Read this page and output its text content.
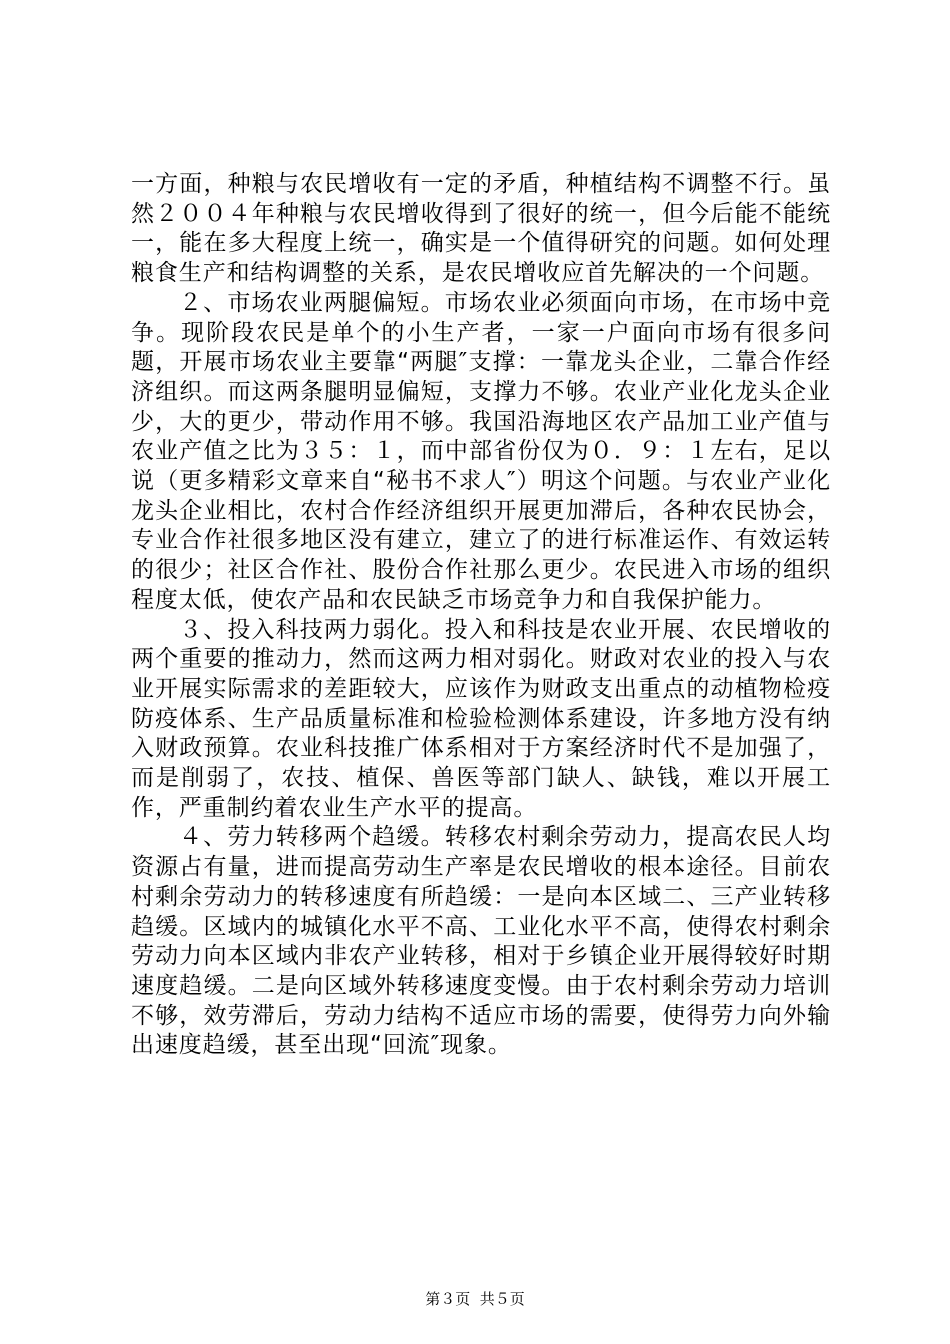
一方面，种粮与农民增收有一定的矛盾，种植结构不调整不行。虽然２００４年种粮与农民增收得到了很好的统一，但今后能不能统一，能在多大程度上统一，确实是一个值得研究的问题。如何处理粮食生产和结构调整的关系，是农民增收应首先解决的一个问题。

２、市场农业两腿偏短。市场农业必须面向市场，在市场中竞争。现阶段农民是单个的小生产者，一家一户面向市场有很多问题，开展市场农业主要靠“两腿″支撑：一靠龙头企业，二靠合作经济组织。而这两条腿明显偏短，支撑力不够。农业产业化龙头企业少，大的更少，带动作用不够。我国沿海地区农产品加工业产值与农业产值之比为３５：１，而中部省份仅为０．９：１左右，足以说（更多精彩文章来自“秘书不求人″）明这个问题。与农业产业化龙头企业相比，农村合作经济组织开展更加滞后，各种农民协会，专业合作社很多地区没有建立，建立了的进行标准运作、有效运转的很少；社区合作社、股份合作社那么更少。农民进入市场的组织程度太低，使农产品和农民缺乏市场竞争力和自我保护能力。

３、投入科技两力弱化。投入和科技是农业开展、农民增收的两个重要的推动力，然而这两力相对弱化。财政对农业的投入与农业开展实际需求的差距较大，应该作为财政支出重点的动植物检疫防疫体系、生产品质量标准和检验检测体系建设，许多地方没有纳入财政预算。农业科技推广体系相对于方案经济时代不是加强了，而是削弱了，农技、植保、兽医等部门缺人、缺钱，难以开展工作，严重制约着农业生产水平的提高。

４、劳力转移两个趋缓。转移农村剩余劳动力，提高农民人均资源占有量，进而提高劳动生产率是农民增收的根本途径。目前农村剩余劳动力的转移速度有所趋缓：一是向本区域二、三产业转移趋缓。区域内的城镇化水平不高、工业化水平不高，使得农村剩余劳动力向本区域内非农产业转移，相对于乡镇企业开展得较好时期速度趋缓。二是向区域外转移速度变慢。由于农村剩余劳动力培训不够，效劳滞后，劳动力结构不适应市场的需要，使得劳力向外输出速度趋缓，甚至出现“回流″现象。

第３页  共５页
